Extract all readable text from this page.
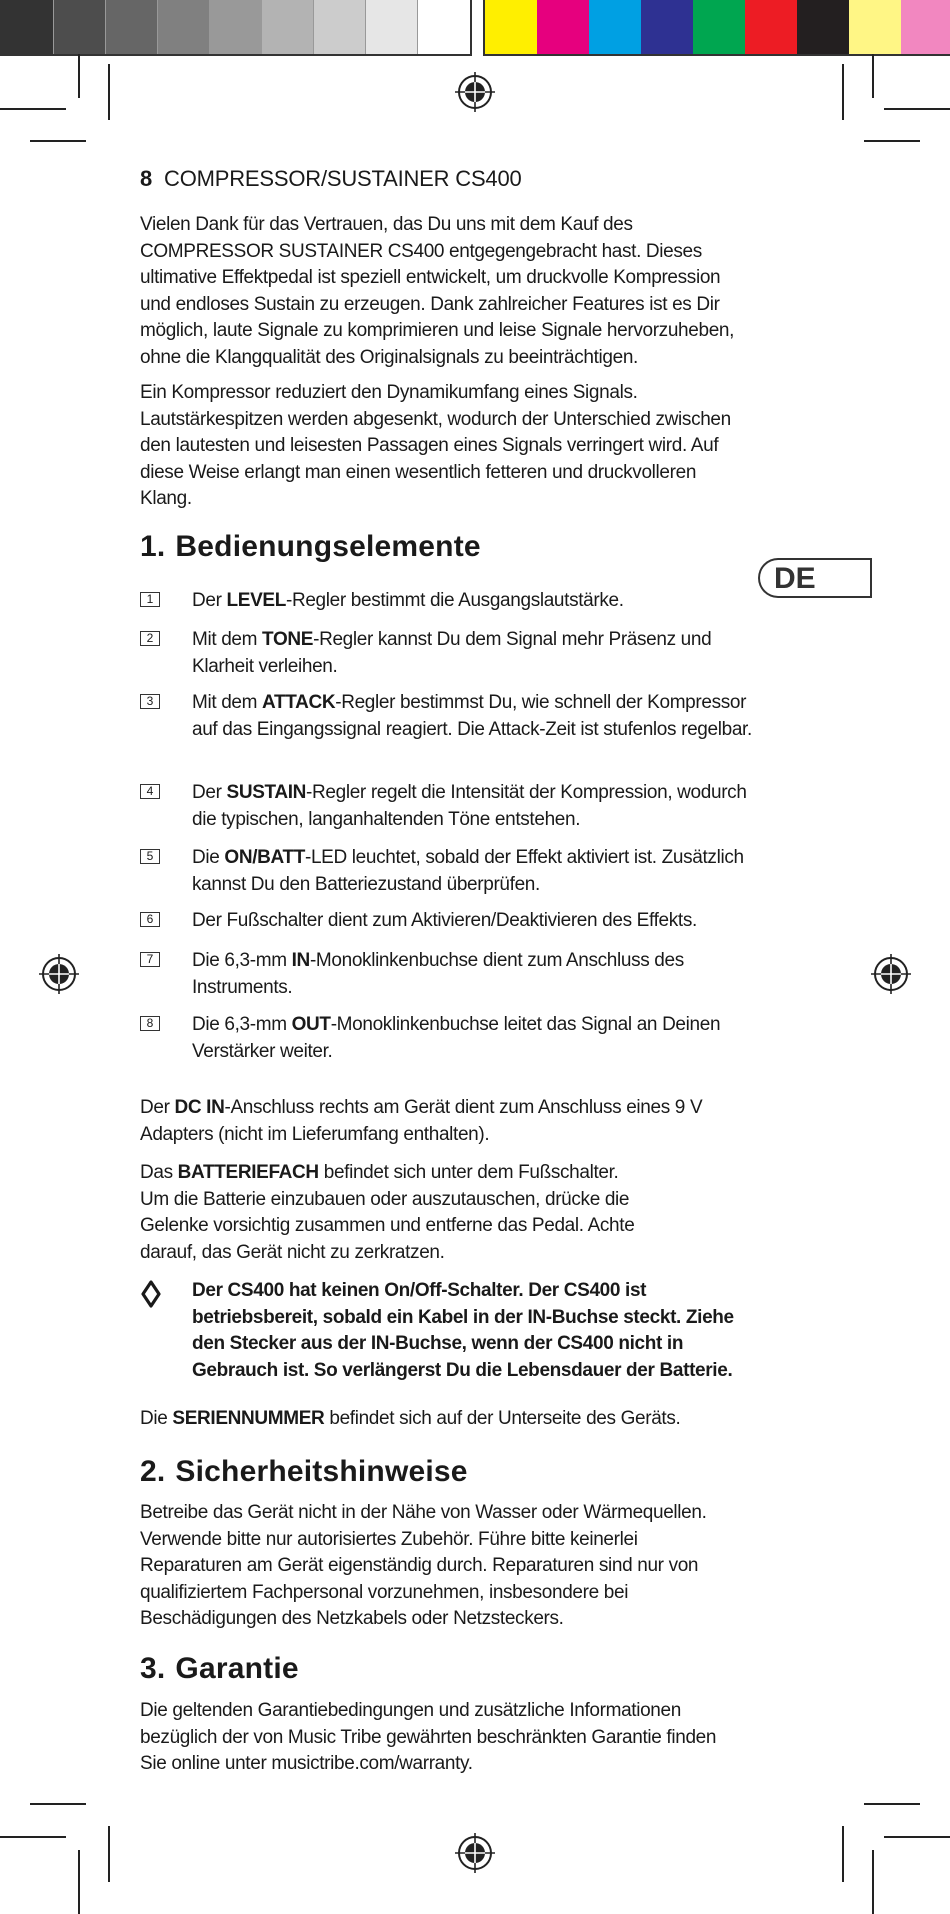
8 COMPRESSOR/SUSTAINER CS400
DE

Vielen Dank für das Vertrauen, das Du uns mit dem Kauf des COMPRESSOR SUSTAINER CS400 entgegengebracht hast. Dieses ultimative Effektpedal ist speziell entwickelt, um druckvolle Kompression und endloses Sustain zu erzeugen. Dank zahlreicher Features ist es Dir möglich, laute Signale zu komprimieren und leise Signale hervorzuheben, ohne die Klangqualität des Originalsignals zu beeinträchtigen.

Ein Kompressor reduziert den Dynamikumfang eines Signals. Lautstärkespitzen werden abgesenkt, wodurch der Unterschied zwischen den lautesten und leisesten Passagen eines Signals verringert wird. Auf diese Weise erlangt man einen wesentlich fetteren und druckvolleren Klang.

1. Bedienungselemente
1	Der LEVEL-Regler bestimmt die Ausgangslautstärke.

2	Mit dem TONE-Regler kannst Du dem Signal mehr Präsenz und Klarheit verleihen.

3	Mit dem ATTACK-Regler bestimmst Du, wie schnell der Kompressor auf das Eingangssignal reagiert. Die Attack-Zeit ist stufenlos regelbar.

4	Der SUSTAIN-Regler regelt die Intensität der Kompression, wodurch die typischen, langanhaltenden Töne entstehen.

5	Die ON/BATT-LED leuchtet, sobald der Effekt aktiviert ist. Zusätzlich kannst Du den Batteriezustand überprüfen.

6	Der Fußschalter dient zum Aktivieren/Deaktivieren des Effekts.

7	Die 6,3-mm IN-Monoklinkenbuchse dient zum Anschluss des Instruments.

8	Die 6,3-mm OUT-Monoklinkenbuchse leitet das Signal an Deinen Verstärker weiter.

Der DC IN-Anschluss rechts am Gerät dient zum Anschluss eines 9 V Adapters (nicht im Lieferumfang enthalten).

Das BATTERIEFACH befindet sich unter dem Fußschalter. Um die Batterie einzubauen oder auszutauschen, drücke die Gelenke vorsichtig zusammen und entferne das Pedal. Achte darauf, das Gerät nicht zu zerkratzen.

Der CS400 hat keinen On/Off-Schalter. Der CS400 ist betriebsbereit, sobald ein Kabel in der IN-Buchse steckt. Ziehe den Stecker aus der IN-Buchse, wenn der CS400 nicht in Gebrauch ist. So verlängerst Du die Lebensdauer der Batterie.

Die SERIENNUMMER befindet sich auf der Unterseite des Geräts.

2. Sicherheitshinweise

Betreibe das Gerät nicht in der Nähe von Wasser oder Wärmequellen. Verwende bitte nur autorisiertes Zubehör. Führe bitte keinerlei Reparaturen am Gerät eigenständig durch. Reparaturen sind nur von qualifiziertem Fachpersonal vorzunehmen, insbesondere bei Beschädigungen des Netzkabels oder Netzsteckers.

3. Garantie

Die geltenden Garantiebedingungen und zusätzliche Informationen bezüglich der von Music Tribe gewährten beschränkten Garantie finden Sie online unter musictribe.com/warranty.
